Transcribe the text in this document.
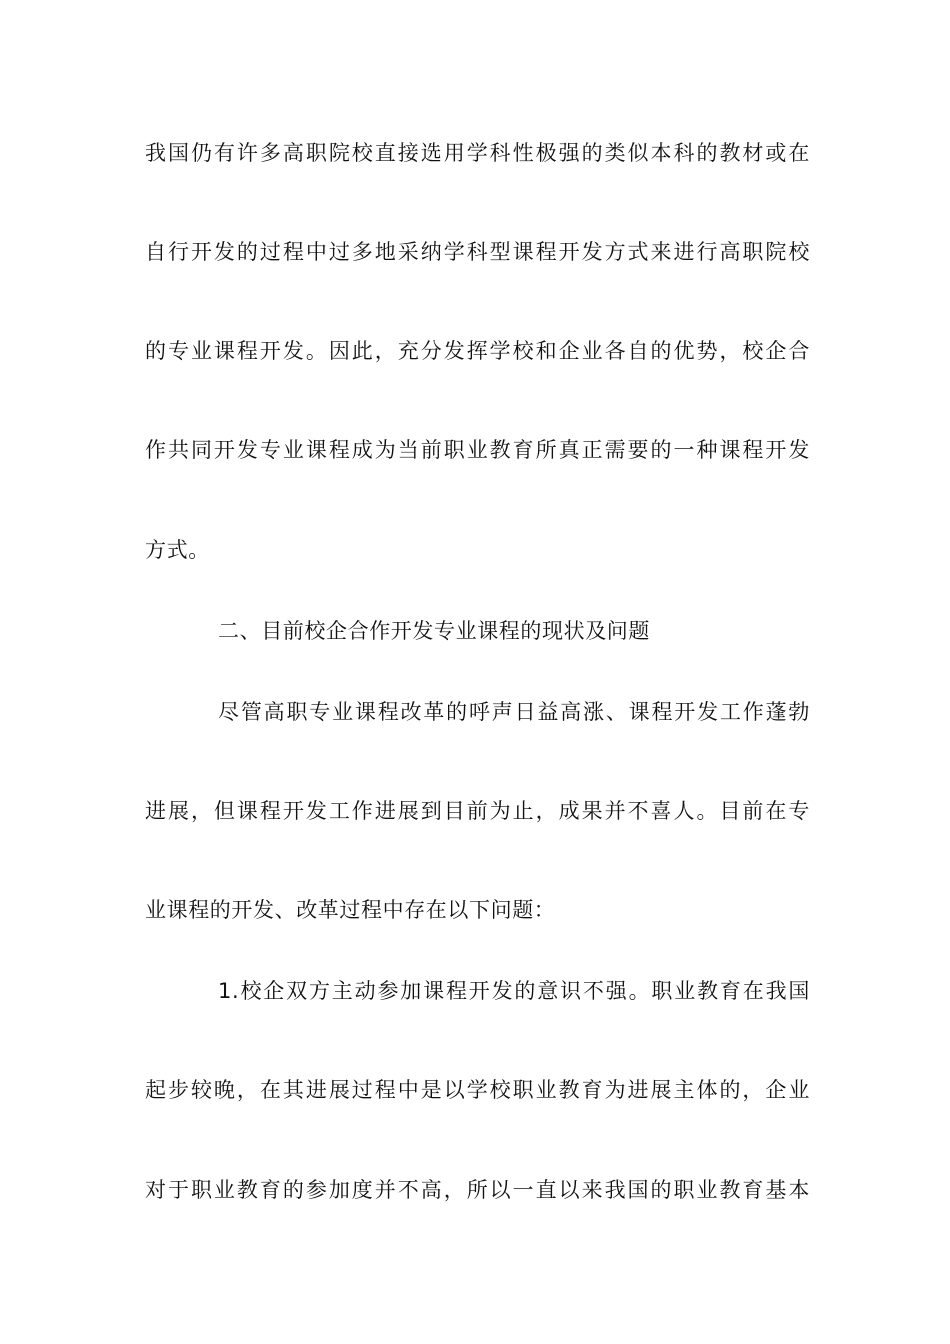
我国仍有许多高职院校直接选用学科性极强的类似本科的教材或在
自行开发的过程中过多地采纳学科型课程开发方式来进行高职院校
的专业课程开发。因此，充分发挥学校和企业各自的优势，校企合
作共同开发专业课程成为当前职业教育所真正需要的一种课程开发
方式。
二、目前校企合作开发专业课程的现状及问题
尽管高职专业课程改革的呼声日益高涨、课程开发工作蓬勃
进展，但课程开发工作进展到目前为止，成果并不喜人。目前在专
业课程的开发、改革过程中存在以下问题：
1.校企双方主动参加课程开发的意识不强。职业教育在我国
起步较晚，在其进展过程中是以学校职业教育为进展主体的，企业
对于职业教育的参加度并不高，所以一直以来我国的职业教育基本
